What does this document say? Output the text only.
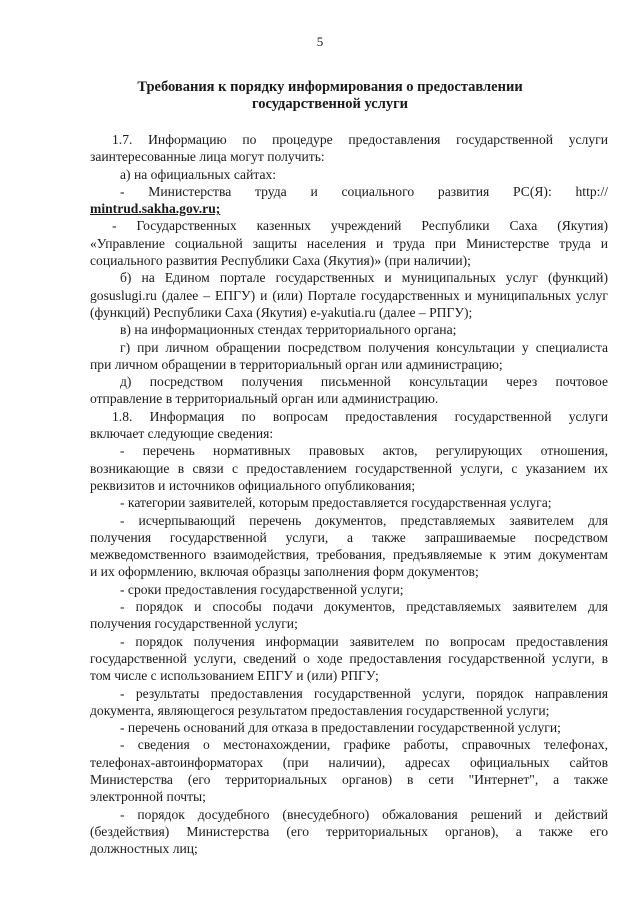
5
Требования к порядку информирования о предоставлении
государственной услуги
1.7. Информацию по процедуре предоставления государственной услуги
заинтересованные лица могут получить:
а) на официальных сайтах:
- Министерства труда и социального развития РС(Я): http://
mintrud.sakha.gov.ru;
- Государственных казенных учреждений Республики Саха (Якутия)
«Управление социальной защиты населения и труда при Министерстве труда и
социального развития Республики Саха (Якутия)» (при наличии);
б) на Едином портале государственных и муниципальных услуг (функций)
gosuslugi.ru (далее – ЕПГУ) и (или) Портале государственных и муниципальных услуг
(функций) Республики Саха (Якутия) e-yakutia.ru (далее – РПГУ);
в) на информационных стендах территориального органа;
г) при личном обращении посредством получения консультации у специалиста
при личном обращении в территориальный орган или администрацию;
д) посредством получения письменной консультации через почтовое
отправление в территориальный орган или администрацию.
1.8. Информация по вопросам предоставления государственной услуги
включает следующие сведения:
- перечень нормативных правовых актов, регулирующих отношения,
возникающие в связи с предоставлением государственной услуги, с указанием их
реквизитов и источников официального опубликования;
- категории заявителей, которым предоставляется государственная услуга;
- исчерпывающий перечень документов, представляемых заявителем для
получения государственной услуги, а также запрашиваемые посредством
межведомственного взаимодействия, требования, предъявляемые к этим документам
и их оформлению, включая образцы заполнения форм документов;
- сроки предоставления государственной услуги;
- порядок и способы подачи документов, представляемых заявителем для
получения государственной услуги;
- порядок получения информации заявителем по вопросам предоставления
государственной услуги, сведений о ходе предоставления государственной услуги, в
том числе с использованием ЕПГУ и (или) РПГУ;
- результаты предоставления государственной услуги, порядок направления
документа, являющегося результатом предоставления государственной услуги;
- перечень оснований для отказа в предоставлении государственной услуги;
- сведения о местонахождении, графике работы, справочных телефонах,
телефонах-автоинформаторах (при наличии), адресах официальных сайтов
Министерства (его территориальных органов) в сети "Интернет", а также
электронной почты;
- порядок досудебного (внесудебного) обжалования решений и действий
(бездействия) Министерства (его территориальных органов), а также его
должностных лиц;
